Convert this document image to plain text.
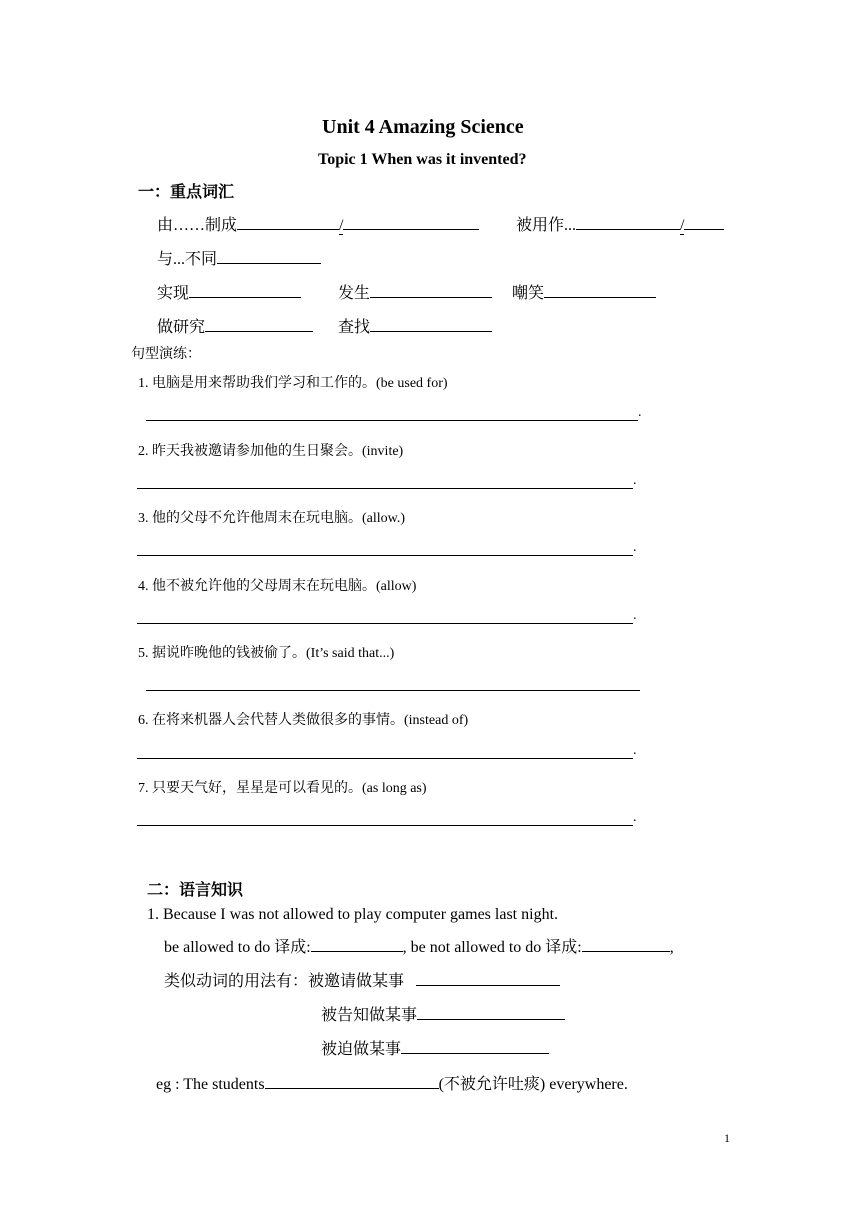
Unit 4 Amazing Science
Topic 1 When was it invented?
一：重点词汇
由……制成	/	被用作...	/
与...不同
实现	发生	嘲笑
做研究	查找
句型演练：
1. 电脑是用来帮助我们学习和工作的。(be used for)
.
2. 昨天我被邀请参加他的生日聚会。(invite)
.
3. 他的父母不允许他周末在玩电脑。(allow.)
.
4. 他不被允许他的父母周末在玩电脑。(allow)
.
5. 据说昨晚他的钱被偷了。(It’s said that...)
6. 在将来机器人会代替人类做很多的事情。(instead of)
.
7. 只要天气好，星星是可以看见的。(as long as)
.
二：语言知识
1. Because I was not allowed to play computer games last night.
be allowed to do 译成:	, be not allowed to do 译成:	,
类似动词的用法有：被邀请做某事
被告知做某事
被迫做某事
eg : The students	(不被允许吐痰) everywhere.
1
